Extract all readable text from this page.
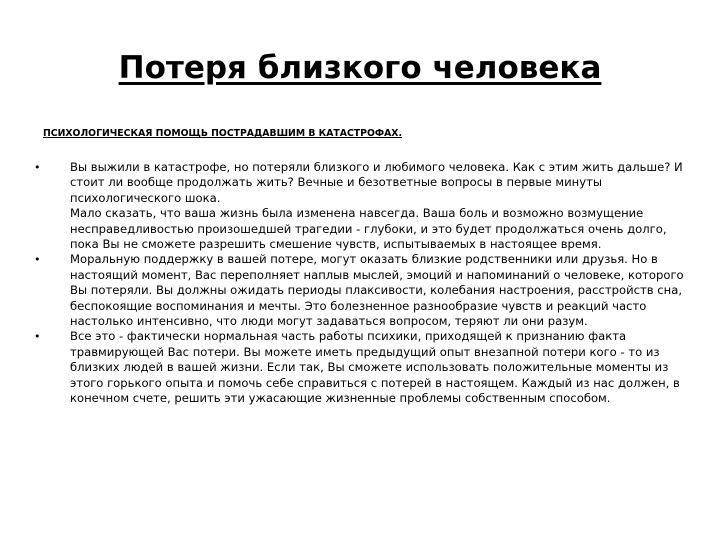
Потеря близкого человека

ПСИХОЛОГИЧЕСКАЯ ПОМОЩЬ ПОСТРАДАВШИМ В КАТАСТРОФАХ.

•	Вы выжили в катастрофе, но потеряли близкого и любимого человека. Как с этим жить дальше? И стоит ли вообще продолжать жить? Вечные и безответные вопросы в первые минуты психологического шока.
Мало сказать, что ваша жизнь была изменена навсегда. Ваша боль и возможно возмущение несправедливостью произошедшей трагедии - глубоки, и это будет продолжаться очень долго, пока Вы не сможете разрешить смешение чувств, испытываемых в настоящее время.
•	Моральную поддержку в вашей потере, могут оказать близкие родственники или друзья. Но в настоящий момент, Вас переполняет наплыв мыслей, эмоций и напоминаний о человеке, которого Вы потеряли. Вы должны ожидать периоды плаксивости, колебания настроения, расстройств сна, беспокоящие воспоминания и мечты. Это болезненное разнообразие чувств и реакций часто настолько интенсивно, что люди могут задаваться вопросом, теряют ли они разум.
•	Все это - фактически нормальная часть работы психики, приходящей к признанию факта травмирующей Вас потери. Вы можете иметь предыдущий опыт внезапной потери кого - то из близких людей в вашей жизни. Если так, Вы сможете использовать положительные моменты из этого горького опыта и помочь себе справиться с потерей в настоящем. Каждый из нас должен, в конечном счете, решить эти ужасающие жизненные проблемы собственным способом.
